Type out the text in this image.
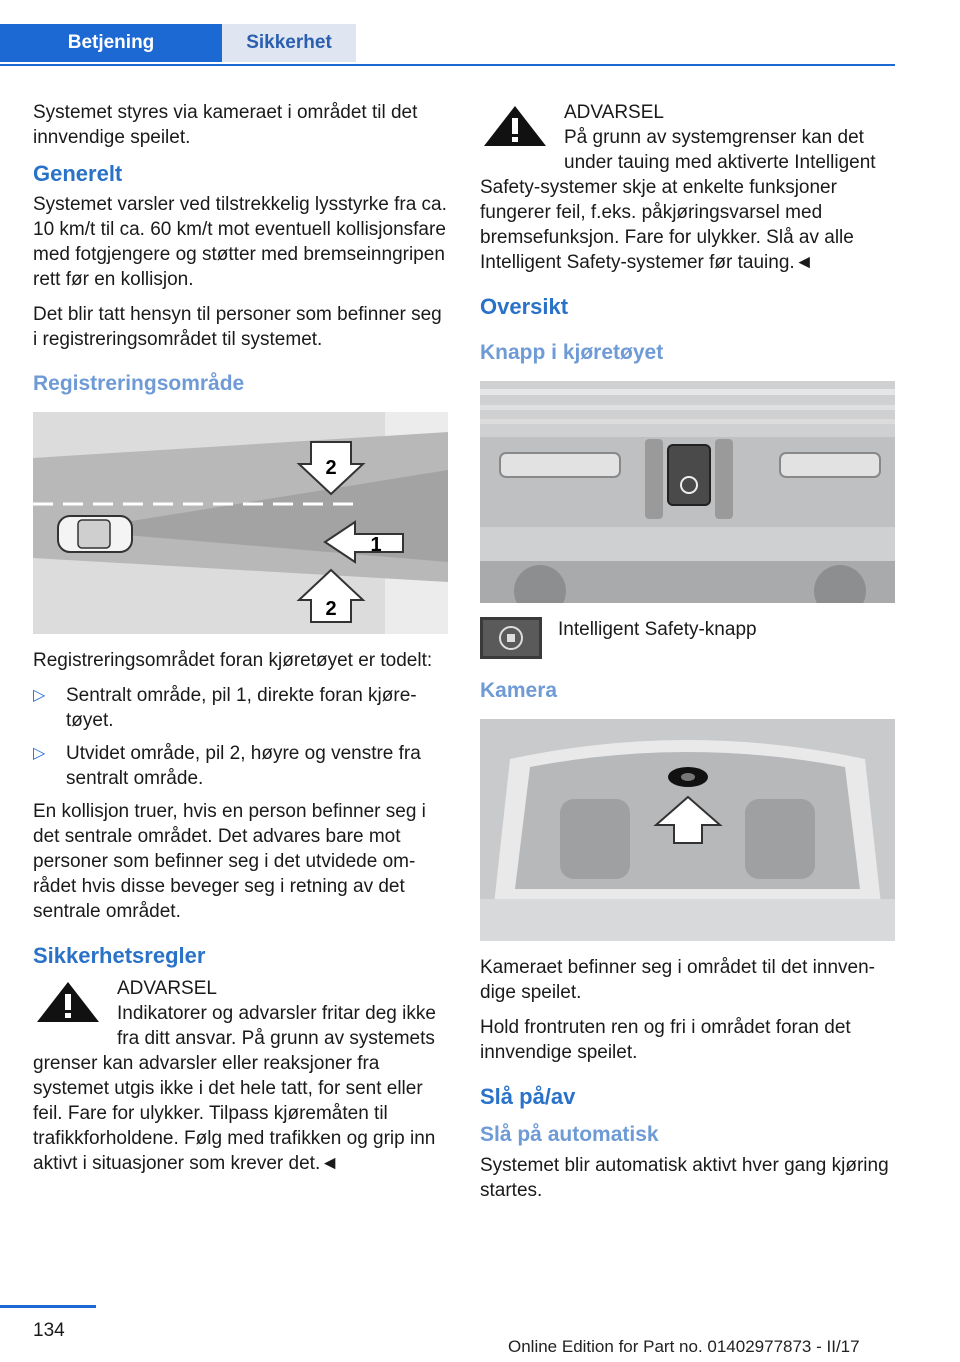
Betjening	Sikkerhet

Systemet styres via kameraet i området til det innvendige speilet.

Generelt

Systemet varsler ved tilstrekkelig lysstyrke fra ca. 10 km/t til ca. 60 km/t mot eventuell kollisjonsfare med fotgjengere og støtter med bremseinngripen rett før en kollisjon.

Det blir tatt hensyn til personer som befinner seg i registreringsområdet til systemet.

Registreringsområde
2
1
2

Registreringsområdet foran kjøretøyet er todelt:

▷ Sentralt område, pil 1, direkte foran kjøretøyet.
▷ Utvidet område, pil 2, høyre og venstre fra sentralt område.

En kollisjon truer, hvis en person befinner seg i det sentrale området. Det advares bare mot personer som befinner seg i det utvidede området hvis disse beveger seg i retning av det sentrale området.

Sikkerhetsregler
ADVARSEL
Indikatorer og advarsler fritar deg ikke fra ditt ansvar. På grunn av systemets grenser kan advarsler eller reaksjoner fra systemet utgis ikke i det hele tatt, for sent eller feil. Fare for ulykker. Tilpass kjøremåten til trafikkforholdene. Følg med trafikken og grip inn aktivt i situasjoner som krever det.◄
ADVARSEL
På grunn av systemgrenser kan det under tauing med aktiverte Intelligent Safety-systemer skje at enkelte funksjoner fungerer feil, f.eks. påkjøringsvarsel med bremsefunksjon. Fare for ulykker. Slå av alle Intelligent Safety-systemer før tauing.◄
Oversikt
Knapp i kjøretøyet
Intelligent Safety-knapp
Kamera

Kameraet befinner seg i området til det innvendige speilet.

Hold frontruten ren og fri i området foran det innvendige speilet.

Slå på/av
Slå på automatisk

Systemet blir automatisk aktivt hver gang kjøring startes.

134
Online Edition for Part no. 01402977873 - II/17
